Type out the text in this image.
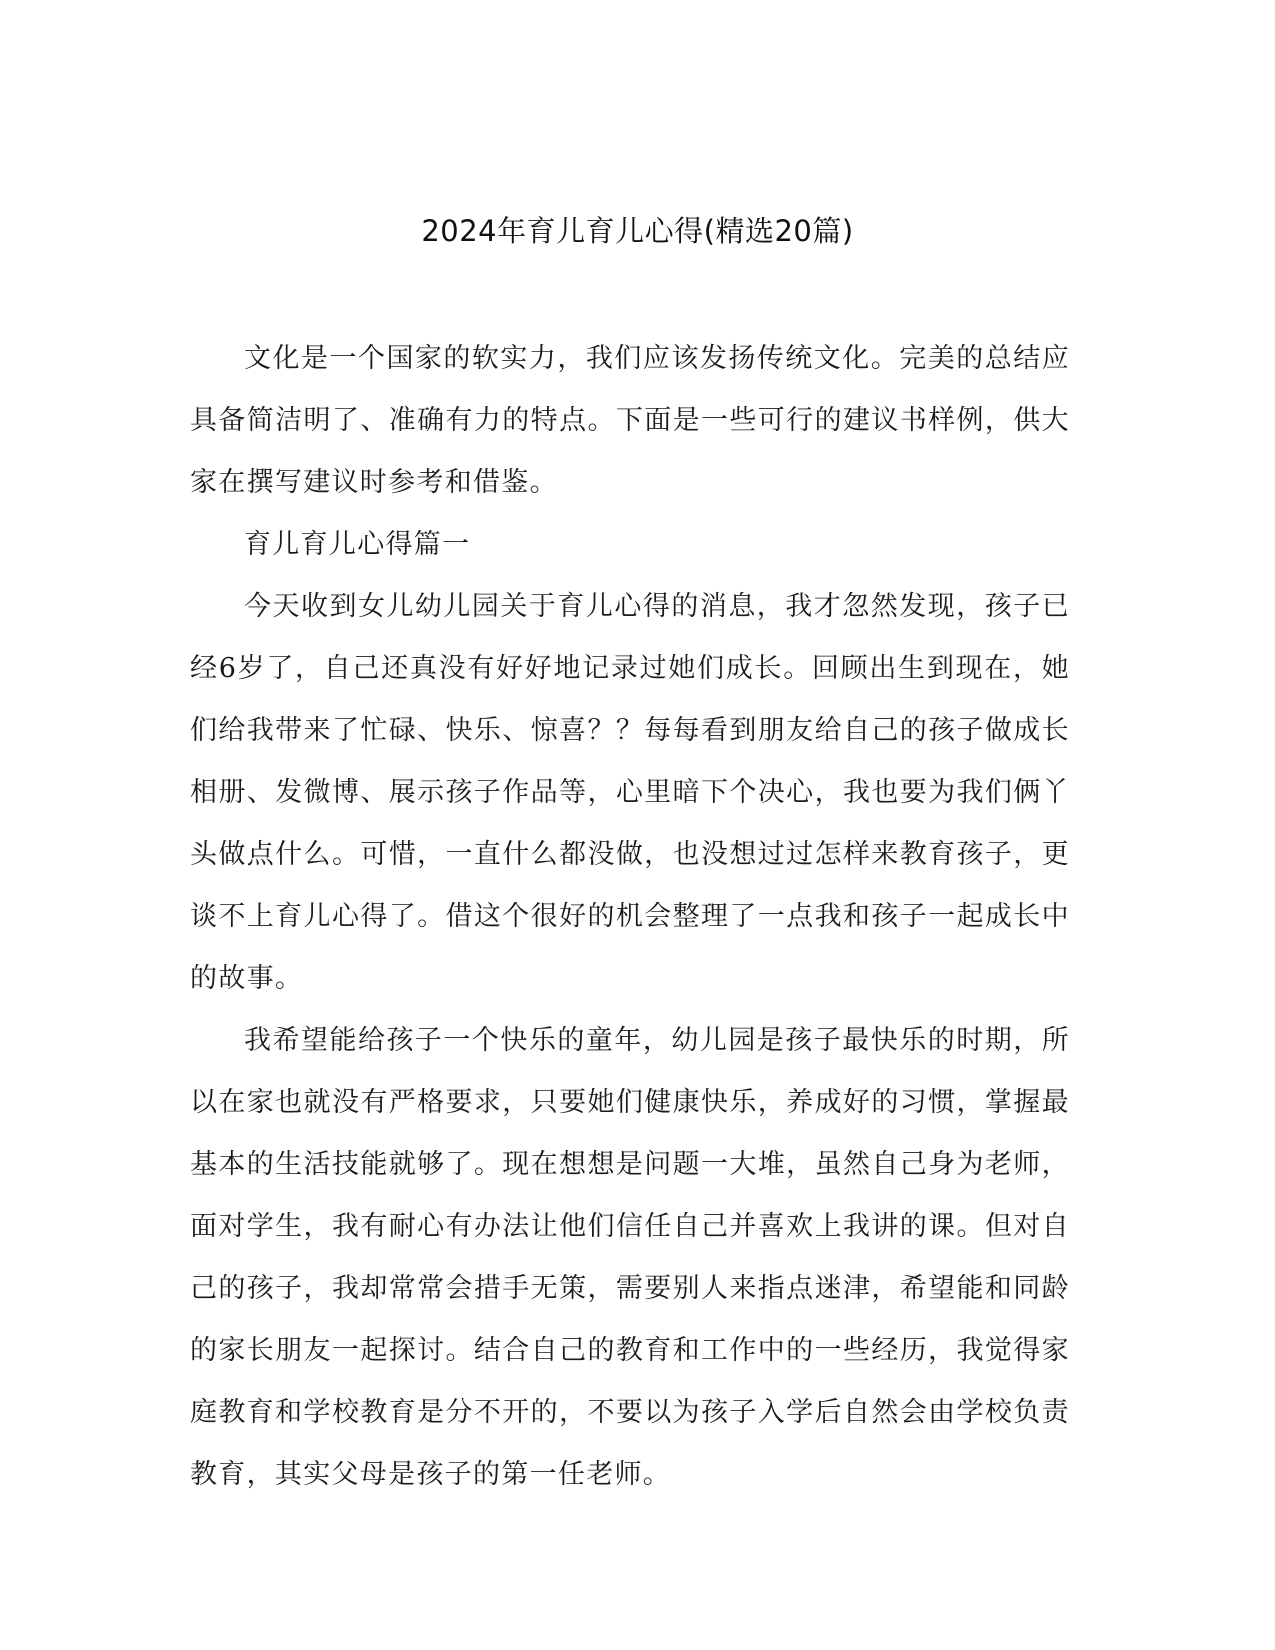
2024年育儿育儿心得(精选20篇)

文化是一个国家的软实力，我们应该发扬传统文化。完美的总结应具备简洁明了、准确有力的特点。下面是一些可行的建议书样例，供大家在撰写建议时参考和借鉴。

育儿育儿心得篇一

今天收到女儿幼儿园关于育儿心得的消息，我才忽然发现，孩子已经6岁了，自己还真没有好好地记录过她们成长。回顾出生到现在，她们给我带来了忙碌、快乐、惊喜？？每每看到朋友给自己的孩子做成长相册、发微博、展示孩子作品等，心里暗下个决心，我也要为我们俩丫头做点什么。可惜，一直什么都没做，也没想过过怎样来教育孩子，更谈不上育儿心得了。借这个很好的机会整理了一点我和孩子一起成长中的故事。

我希望能给孩子一个快乐的童年，幼儿园是孩子最快乐的时期，所以在家也就没有严格要求，只要她们健康快乐，养成好的习惯，掌握最基本的生活技能就够了。现在想想是问题一大堆，虽然自己身为老师，面对学生，我有耐心有办法让他们信任自己并喜欢上我讲的课。但对自己的孩子，我却常常会措手无策，需要别人来指点迷津，希望能和同龄的家长朋友一起探讨。结合自己的教育和工作中的一些经历，我觉得家庭教育和学校教育是分不开的，不要以为孩子入学后自然会由学校负责教育，其实父母是孩子的第一任老师。
